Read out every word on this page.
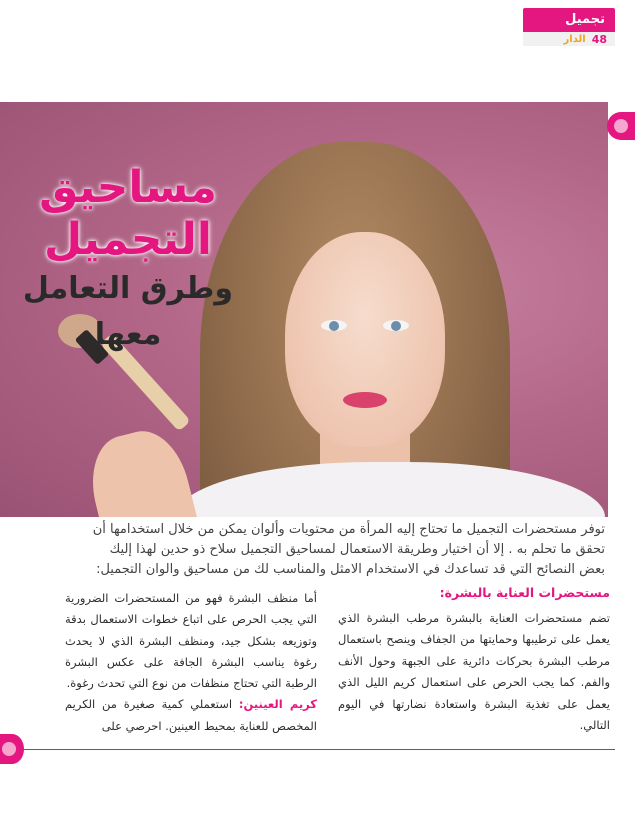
تجميل
الدار 48
مساحيق
التجميل
وطرق التعامل
معها

توفر مستحضرات التجميل ما تحتاج إليه المرأة من محتويات وألوان يمكن من خلال استخدامها أن

تحقق ما تحلم به . إلا أن اختيار وطريقة الاستعمال لمساحيق التجميل سلاح ذو حدين لهذا إليك

بعض النصائح التي قد تساعدك في الاستخدام الامثل والمناسب لك من مساحيق والوان التجميل:

مستحضرات العناية بالبشرة:

تضم مستحضرات العناية بالبشرة مرطب البشرة الذي يعمل على ترطيبها وحمايتها من الجفاف وينصح باستعمال مرطب البشرة بحركات دائرية على الجبهة وحول الأنف والفم. كما يجب الحرص على استعمال كريم الليل الذي يعمل على تغذية البشرة واستعادة نضارتها في اليوم التالي.

أما منظف البشرة فهو من المستحضرات الضرورية التي يجب الحرص على اتباع خطوات الاستعمال بدقة وتوزيعه بشكل جيد، ومنظف البشرة الذي لا يحدث رغوة يناسب البشرة الجافة على عكس البشرة الرطبة التي تحتاج منظفات من نوع التي تحدث رغوة.

كريم العينين: استعملي كمية صغيرة من الكريم المخصص للعناية بمحيط العينين. احرصي على
